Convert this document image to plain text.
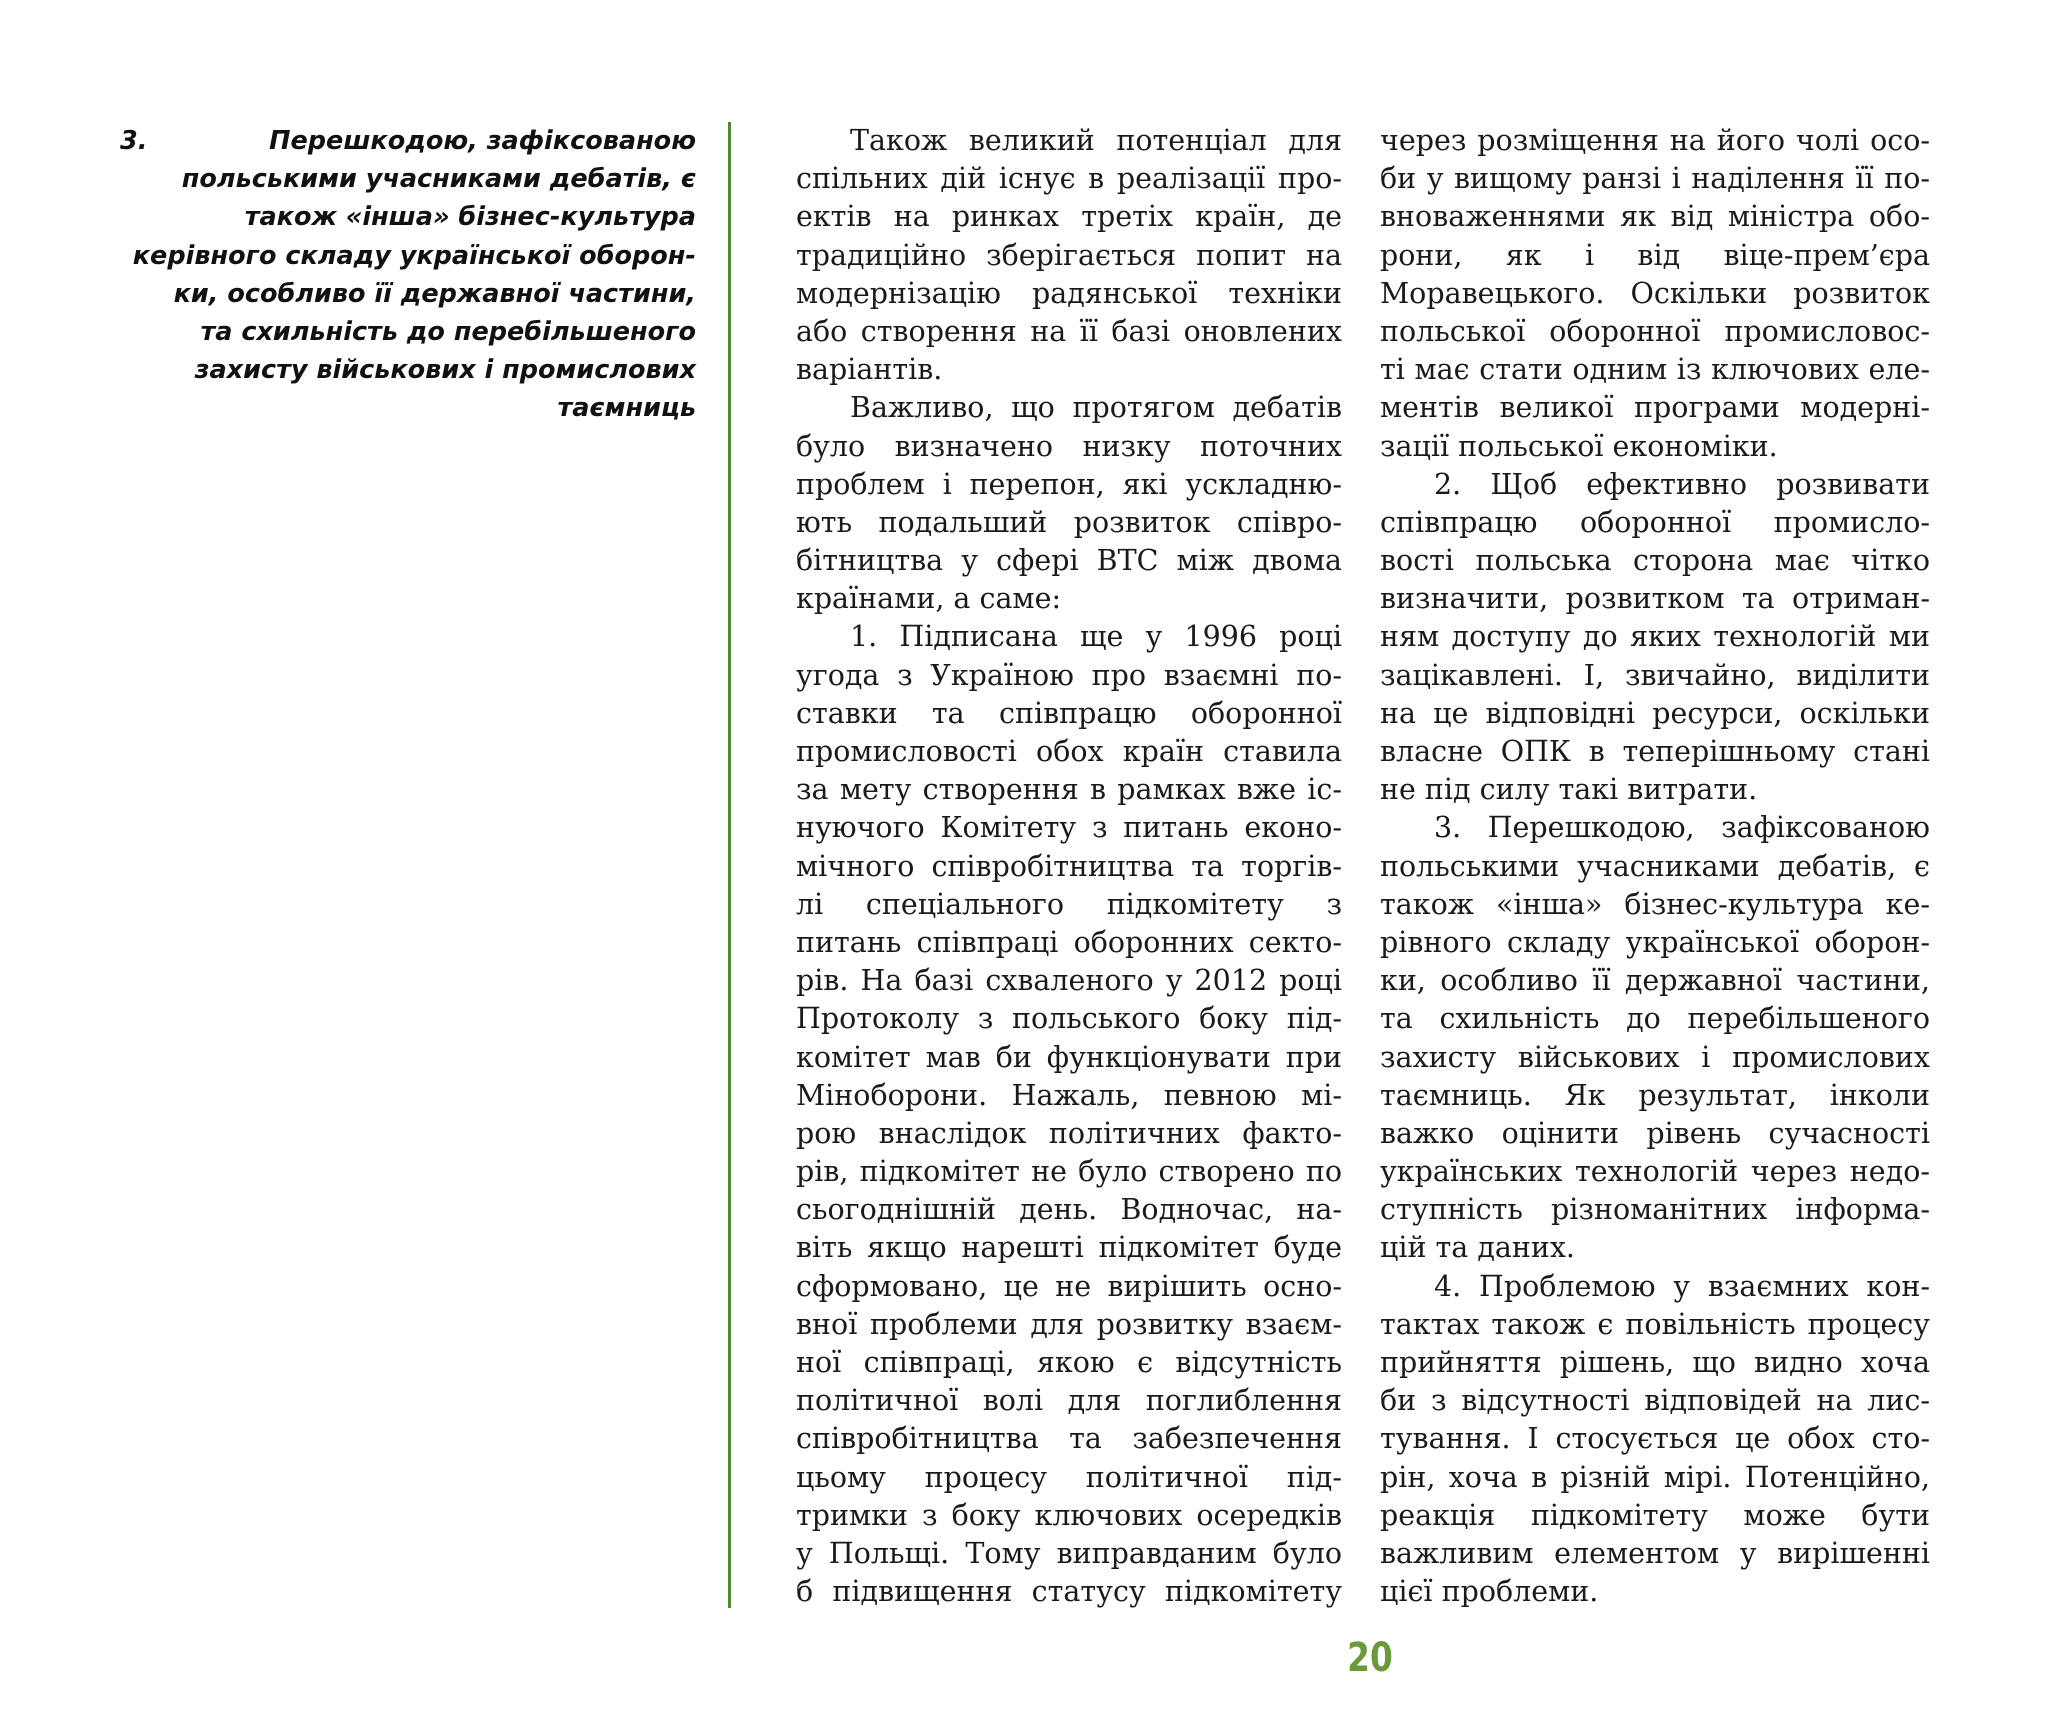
3.	Перешкодою, зафіксованою
польськими учасниками дебатів, є
також «інша» бізнес-культура
керівного складу української оборон-
ки, особливо її державної частини,
та схильність до перебільшеного
захисту військових і промислових
таємниць
Також великий потенціал для
спільних дій існує в реалізації про-
ектів на ринках третіх країн, де
традиційно зберігається попит на
модернізацію радянської техніки
або створення на її базі оновлених
варіантів.
Важливо, що протягом дебатів
було визначено низку поточних
проблем і перепон, які ускладню-
ють подальший розвиток співро-
бітництва у сфері ВТС між двома
країнами, а саме:
1. Підписана ще у 1996 році
угода з Україною про взаємні по-
ставки та співпрацю оборонної
промисловості обох країн ставила
за мету створення в рамках вже іс-
нуючого Комітету з питань еконо-
мічного співробітництва та торгів-
лі спеціального підкомітету з
питань співпраці оборонних секто-
рів. На базі схваленого у 2012 році
Протоколу з польського боку під-
комітет мав би функціонувати при
Міноборони. Нажаль, певною мі-
рою внаслідок політичних факто-
рів, підкомітет не було створено по
сьогоднішній день. Водночас, на-
віть якщо нарешті підкомітет буде
сформовано, це не вирішить осно-
вної проблеми для розвитку взаєм-
ної співпраці, якою є відсутність
політичної волі для поглиблення
співробітництва та забезпечення
цьому процесу політичної під-
тримки з боку ключових осередків
у Польщі. Тому виправданим було
б підвищення статусу підкомітету
через розміщення на його чолі осо-
би у вищому ранзі і наділення її по-
вноваженнями як від міністра обо-
рони, як і від віце-прем’єра
Моравецького. Оскільки розвиток
польської оборонної промисловос-
ті має стати одним із ключових еле-
ментів великої програми модерні-
зації польської економіки.
2. Щоб ефективно розвивати
співпрацю оборонної промисло-
вості польська сторона має чітко
визначити, розвитком та отриман-
ням доступу до яких технологій ми
зацікавлені. І, звичайно, виділити
на це відповідні ресурси, оскільки
власне ОПК в теперішньому стані
не під силу такі витрати.
3. Перешкодою, зафіксованою
польськими учасниками дебатів, є
також «інша» бізнес-культура ке-
рівного складу української оборон-
ки, особливо її державної частини,
та схильність до перебільшеного
захисту військових і промислових
таємниць. Як результат, інколи
важко оцінити рівень сучасності
українських технологій через недо-
ступність різноманітних інформа-
цій та даних.
4. Проблемою у взаємних кон-
тактах також є повільність процесу
прийняття рішень, що видно хоча
би з відсутності відповідей на лис-
тування. І стосується це обох сто-
рін, хоча в різній мірі. Потенційно,
реакція підкомітету може бути
важливим елементом у вирішенні
цієї проблеми.
20
